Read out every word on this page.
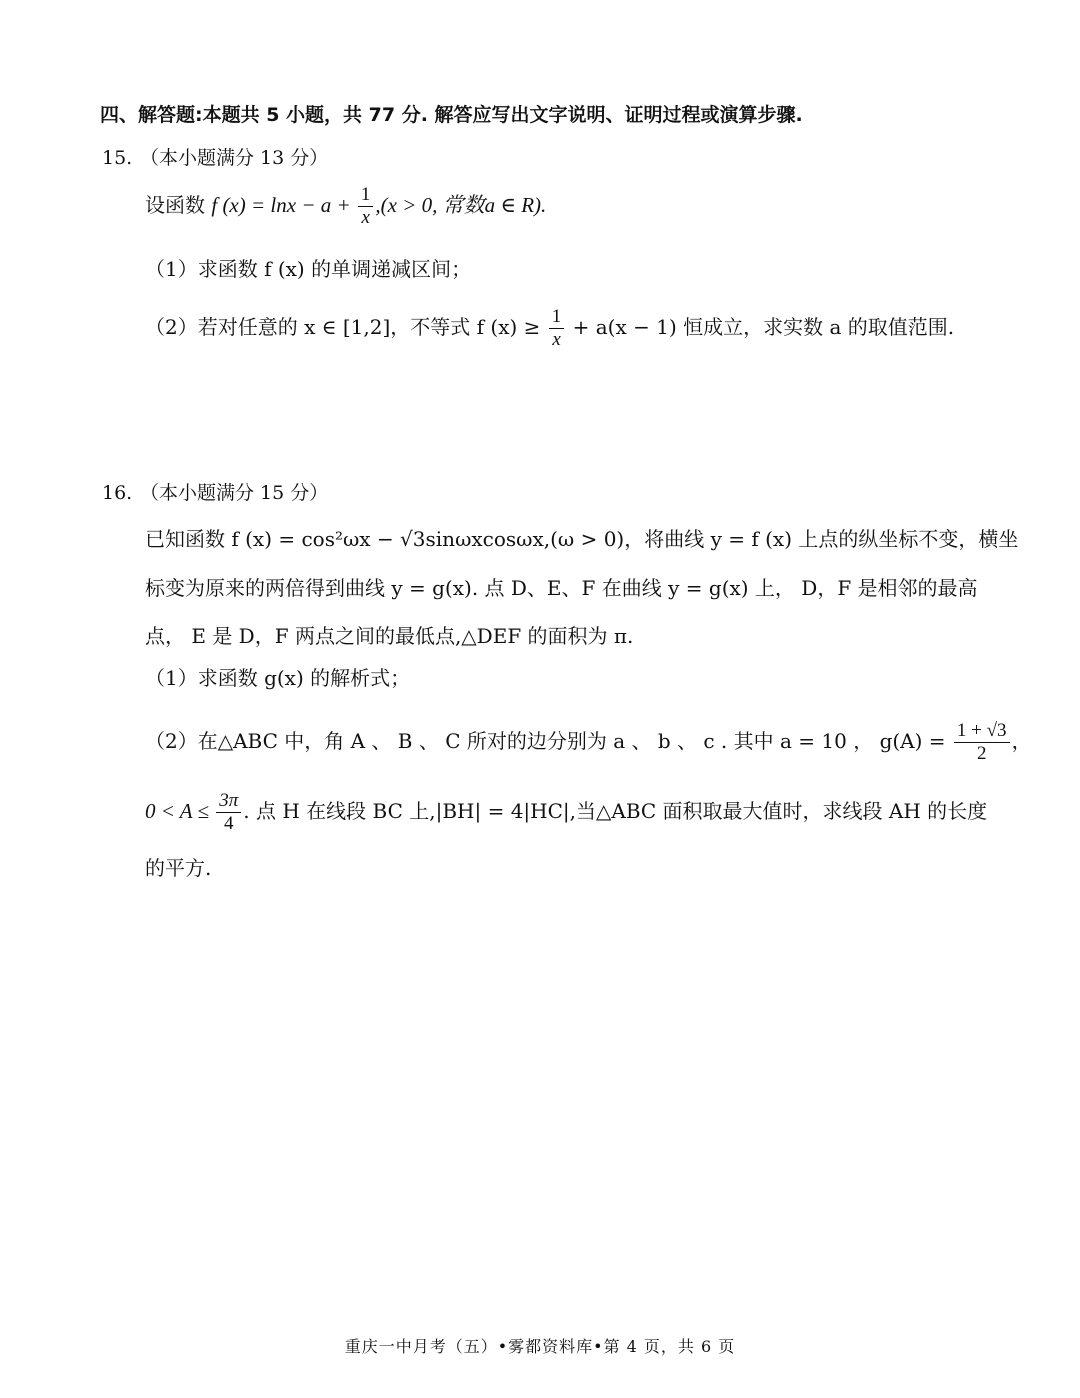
四、解答题:本题共 5 小题，共 77 分. 解答应写出文字说明、证明过程或演算步骤.
15. （本小题满分 13 分）
设函数 f $(x) = \ln x - a + \frac{1}{x} ,(x > 0$, 常数a ∈ R).
（1）求函数 f (x) 的单调递减区间；
（2）若对任意的 x ∈ [1,2]，不等式 f $(x) \ge \frac{1}{x} + a(x - 1)$ 恒成立，求实数 a 的取值范围.
16. （本小题满分 15 分）
已知函数 f (x) = cos²ωx − √3sinωxcosωx,(ω > 0)，将曲线 y = f (x) 上点的纵坐标不变，横坐
标变为原来的两倍得到曲线 y = g(x). 点 D、E、F 在曲线 y = g(x) 上， D，F 是相邻的最高
点， E 是 D，F 两点之间的最低点,△DEF 的面积为 π.
（1）求函数 g(x) 的解析式；
（2）在△ABC 中，角 A 、 B 、 C 所对的边分别为 a 、 b 、 c . 其中 a = 10 ， $g(A) = \frac{1 + √3}{2}$ ，
$0 < A \le \frac{3\pi}{4}$ . 点 H 在线段 BC 上,|BH| = 4|HC|,当△ABC 面积取最大值时，求线段 AH 的长度
的平方.
重庆一中月考（五）•雾都资料库•第 4 页，共 6 页
